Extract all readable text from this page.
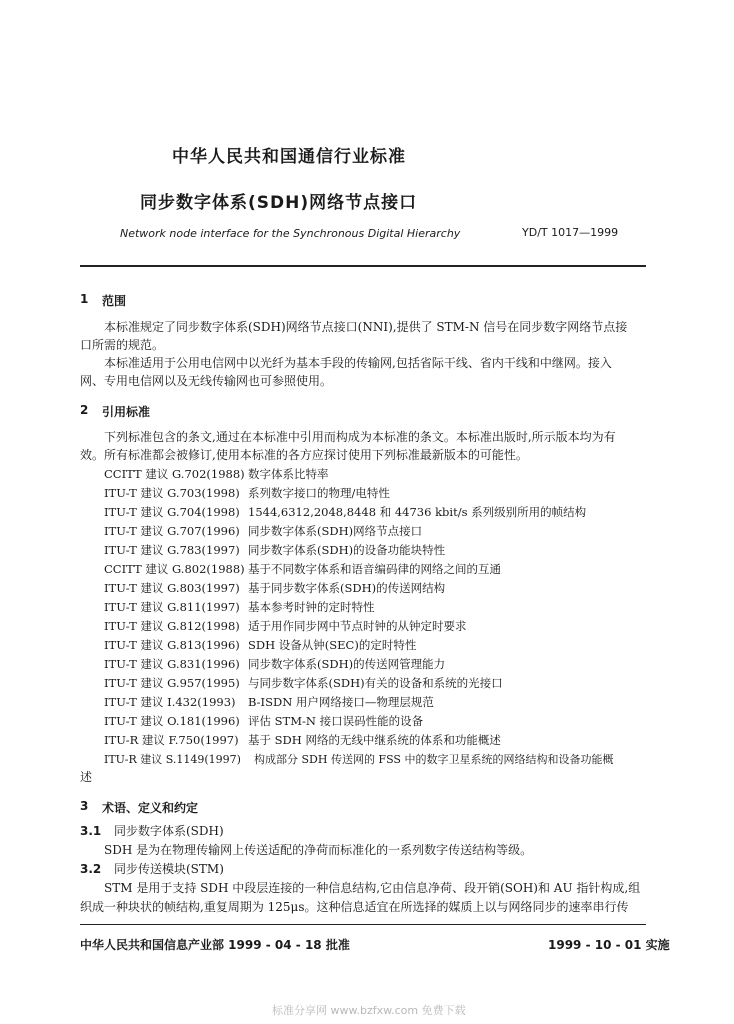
中华人民共和国通信行业标准
同步数字体系(SDH)网络节点接口
Network node interface for the Synchronous Digital Hierarchy	YD/T 1017—1999
1 范围
本标准规定了同步数字体系(SDH)网络节点接口(NNI),提供了 STM-N 信号在同步数字网络节点接
口所需的规范。
本标准适用于公用电信网中以光纤为基本手段的传输网,包括省际干线、省内干线和中继网。接入
网、专用电信网以及无线传输网也可参照使用。
2 引用标准
下列标准包含的条文,通过在本标准中引用而构成为本标准的条文。本标准出版时,所示版本均为有
效。所有标准都会被修订,使用本标准的各方应探讨使用下列标准最新版本的可能性。
CCITT 建议 G.702(1988) 数字体系比特率
ITU-T 建议 G.703(1998) 系列数字接口的物理/电特性
ITU-T 建议 G.704(1998) 1544,6312,2048,8448 和 44736 kbit/s 系列级别所用的帧结构
ITU-T 建议 G.707(1996) 同步数字体系(SDH)网络节点接口
ITU-T 建议 G.783(1997) 同步数字体系(SDH)的设备功能块特性
CCITT 建议 G.802(1988) 基于不同数字体系和语音编码律的网络之间的互通
ITU-T 建议 G.803(1997) 基于同步数字体系(SDH)的传送网结构
ITU-T 建议 G.811(1997) 基本参考时钟的定时特性
ITU-T 建议 G.812(1998) 适于用作同步网中节点时钟的从钟定时要求
ITU-T 建议 G.813(1996) SDH 设备从钟(SEC)的定时特性
ITU-T 建议 G.831(1996) 同步数字体系(SDH)的传送网管理能力
ITU-T 建议 G.957(1995) 与同步数字体系(SDH)有关的设备和系统的光接口
ITU-T 建议 I.432(1993) B-ISDN 用户网络接口—物理层规范
ITU-T 建议 O.181(1996) 评估 STM-N 接口误码性能的设备
ITU-R 建议 F.750(1997) 基于 SDH 网络的无线中继系统的体系和功能概述
ITU-R 建议 S.1149(1997) 构成部分 SDH 传送网的 FSS 中的数字卫星系统的网络结构和设备功能概
述
3 术语、定义和约定
3.1 同步数字体系(SDH)
SDH 是为在物理传输网上传送适配的净荷而标准化的一系列数字传送结构等级。
3.2 同步传送模块(STM)
STM 是用于支持 SDH 中段层连接的一种信息结构,它由信息净荷、段开销(SOH)和 AU 指针构成,组
织成一种块状的帧结构,重复周期为 125μs。这种信息适宜在所选择的媒质上以与网络同步的速率串行传
中华人民共和国信息产业部 1999 - 04 - 18 批准	1999 - 10 - 01 实施
标准分享网 www.bzfxw.com 免费下载
